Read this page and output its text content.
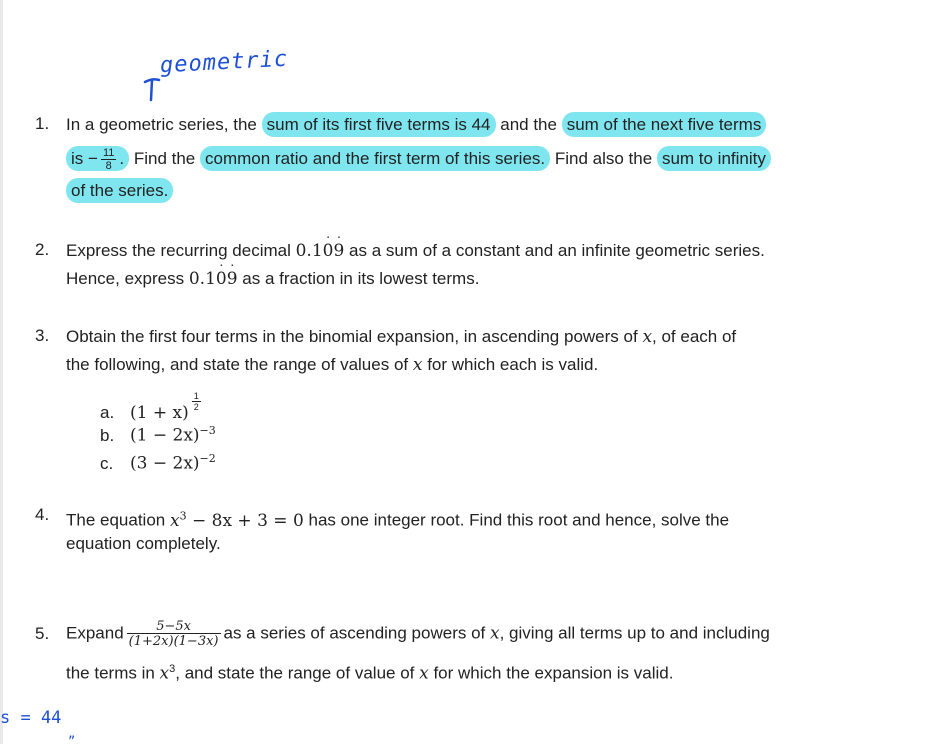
geometric
1. In a geometric series, the sum of its first five terms is 44 and the sum of the next five terms
is − $\frac{11}{8}$ . Find the common ratio and the first term of this series. Find also the sum to infinity
of the series.
2. Express the recurring decimal 0.10 ˙9 ˙ as a sum of a constant and an infinite geometric series.
Hence, express 0.10 ˙9 ˙ as a fraction in its lowest terms.
3. Obtain the first four terms in the binomial expansion, in ascending powers of x, of each of
the following, and state the range of values of x for which each is valid.
a. (1 + x)
$\frac{1}{2}$
b. $(1 - 2x)^{-3}$
c. $(3 - 2x)^{-2}$
4. The equation $x^3 - 8x + 3 = 0$ has one integer root. Find this root and hence, solve the
equation completely.
5. Expand $\frac{5-5x}{(1+2x)(1-3x)}$ as a series of ascending powers of x, giving all terms up to and including
the terms in $x^3$, and state the range of value of x for which the expansion is valid.
s = 44
”
